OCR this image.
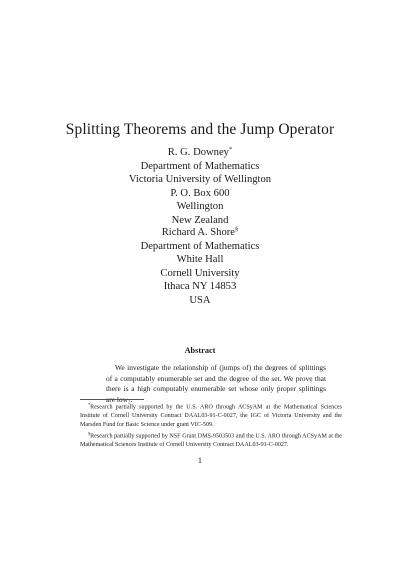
Splitting Theorems and the Jump Operator
R. G. Downey*
Department of Mathematics
Victoria University of Wellington
P. O. Box 600
Wellington
New Zealand
Richard A. Shore§
Department of Mathematics
White Hall
Cornell University
Ithaca NY 14853
USA
Abstract
We investigate the relationship of (jumps of) the degrees of splittings of a computably enumerable set and the degree of the set. We prove that there is a high computably enumerable set whose only proper splittings are low₂.

*Research partially supported by the U.S. ARO through ACSyAM at the Mathematical Sciences Institute of Cornell University Contract DAAL03-91-C-0027, the IGC of Victoria University and the Marsden Fund for Basic Science under grant VIC-509.

§Research partially supported by NSF Grant DMS-9503503 and the U.S. ARO through ACSyAM at the Mathematical Sciences Institute of Cornell University Contract DAAL03-91-C-0027.

1
